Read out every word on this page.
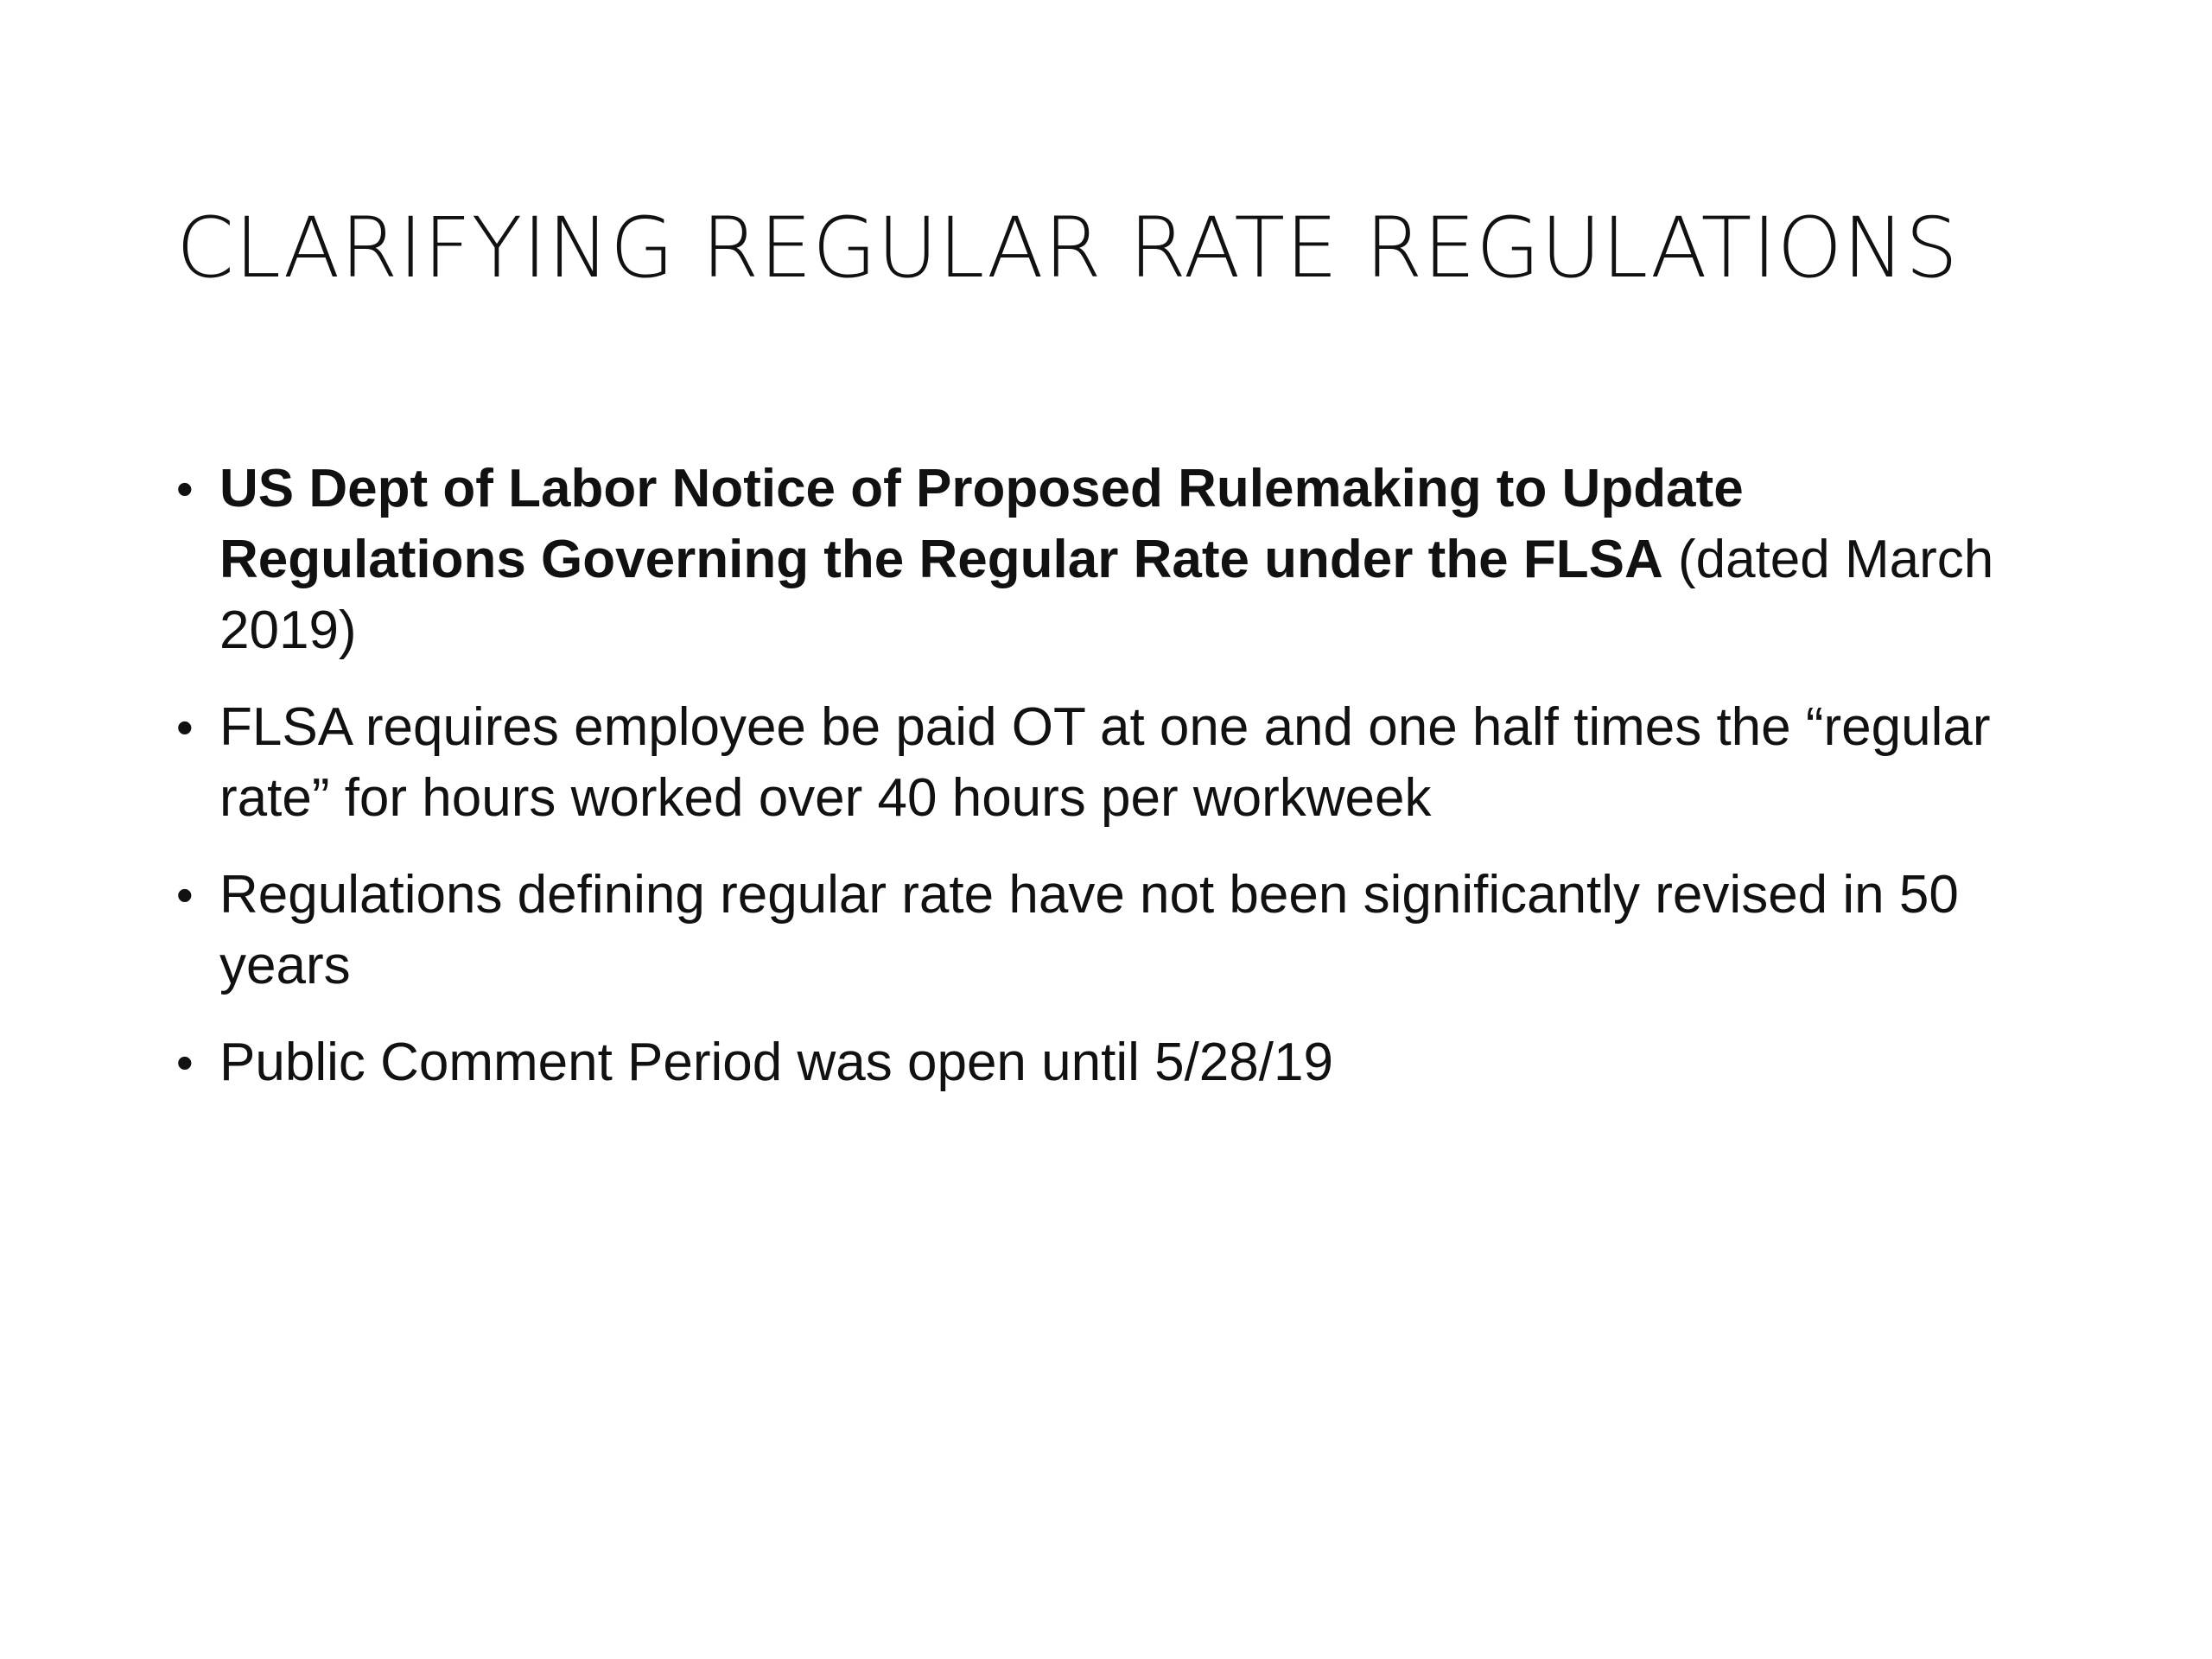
CLARIFYING REGULAR RATE REGULATIONS
• US Dept of Labor Notice of Proposed Rulemaking to Update Regulations Governing the Regular Rate under the FLSA (dated March 2019)
• FLSA requires employee be paid OT at one and one half times the “regular rate” for hours worked over 40 hours per workweek
• Regulations defining regular rate have not been significantly revised in 50 years
• Public Comment Period was open until 5/28/19
